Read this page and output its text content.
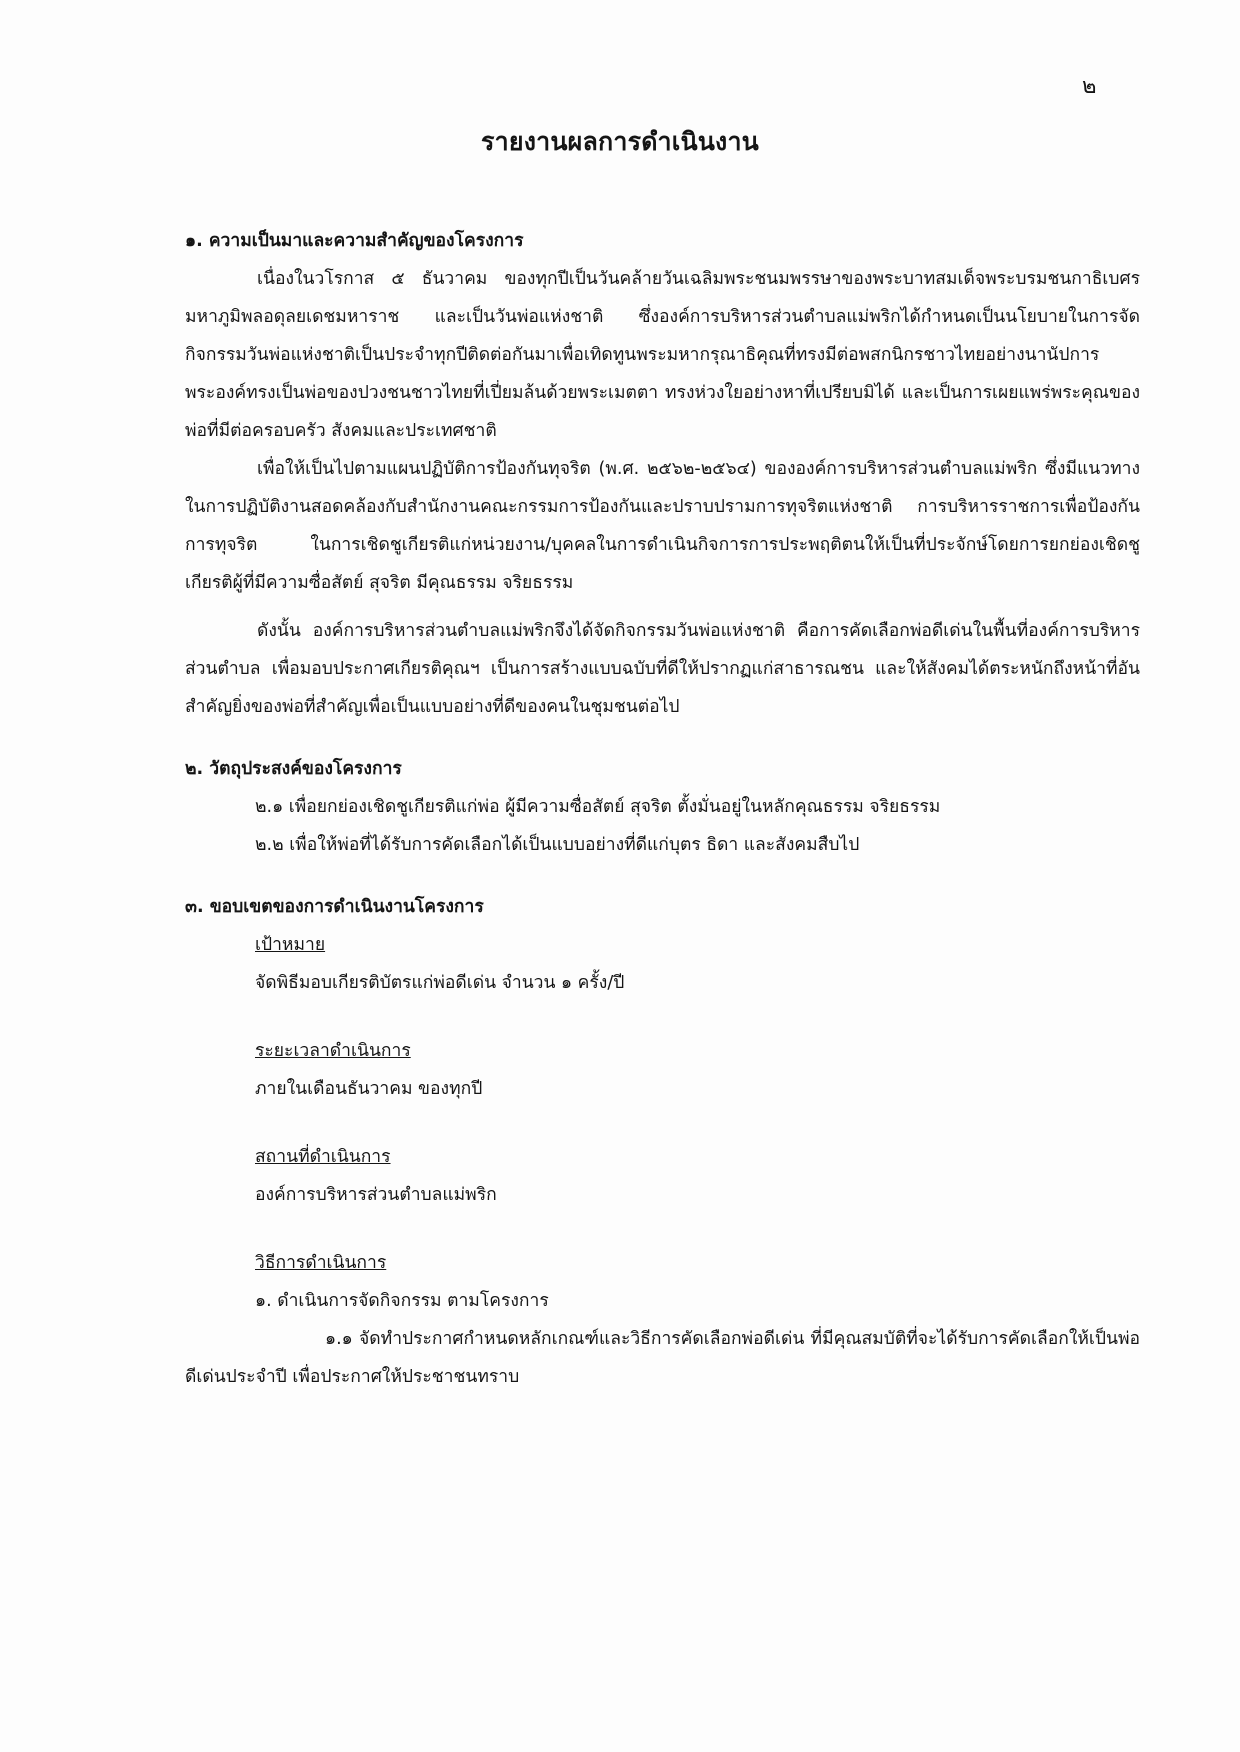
๒
รายงานผลการดำเนินงาน

๑. ความเป็นมาและความสำคัญของโครงการ

เนื่องในวโรกาส ๕ ธันวาคม ของทุกปีเป็นวันคล้ายวันเฉลิมพระชนมพรรษาของพระบาทสมเด็จพระบรมชนกาธิเบศร มหาภูมิพลอดุลยเดชมหาราช และเป็นวันพ่อแห่งชาติ ซึ่งองค์การบริหารส่วนตำบลแม่พริกได้กำหนดเป็นนโยบายในการจัดกิจกรรมวันพ่อแห่งชาติเป็นประจำทุกปีติดต่อกันมาเพื่อเทิดทูนพระมหากรุณาธิคุณที่ทรงมีต่อพสกนิกรชาวไทยอย่างนานัปการ พระองค์ทรงเป็นพ่อของปวงชนชาวไทยที่เปี่ยมล้นด้วยพระเมตตา ทรงห่วงใยอย่างหาที่เปรียบมิได้ และเป็นการเผยแพร่พระคุณของพ่อที่มีต่อครอบครัว สังคมและประเทศชาติ

เพื่อให้เป็นไปตามแผนปฏิบัติการป้องกันทุจริต (พ.ศ. ๒๕๖๒-๒๕๖๔) ขององค์การบริหารส่วนตำบลแม่พริก ซึ่งมีแนวทางในการปฏิบัติงานสอดคล้องกับสำนักงานคณะกรรมการป้องกันและปราบปรามการทุจริตแห่งชาติ การบริหารราชการเพื่อป้องกันการทุจริต ในการเชิดชูเกียรติแก่หน่วยงาน/บุคคลในการดำเนินกิจการการประพฤติตนให้เป็นที่ประจักษ์โดยการยกย่องเชิดชูเกียรติผู้ที่มีความซื่อสัตย์ สุจริต มีคุณธรรม จริยธรรม

ดังนั้น องค์การบริหารส่วนตำบลแม่พริกจึงได้จัดกิจกรรมวันพ่อแห่งชาติ คือการคัดเลือกพ่อดีเด่นในพื้นที่องค์การบริหารส่วนตำบล เพื่อมอบประกาศเกียรติคุณฯ เป็นการสร้างแบบฉบับที่ดีให้ปรากฏแก่สาธารณชน และให้สังคมได้ตระหนักถึงหน้าที่อันสำคัญยิ่งของพ่อที่สำคัญเพื่อเป็นแบบอย่างที่ดีของคนในชุมชนต่อไป

๒. วัตถุประสงค์ของโครงการ

๒.๑ เพื่อยกย่องเชิดชูเกียรติแก่พ่อ ผู้มีความซื่อสัตย์ สุจริต ตั้งมั่นอยู่ในหลักคุณธรรม จริยธรรม

๒.๒ เพื่อให้พ่อที่ได้รับการคัดเลือกได้เป็นแบบอย่างที่ดีแก่บุตร ธิดา และสังคมสืบไป

๓. ขอบเขตของการดำเนินงานโครงการ

เป้าหมาย

จัดพิธีมอบเกียรติบัตรแก่พ่อดีเด่น จำนวน ๑ ครั้ง/ปี

ระยะเวลาดำเนินการ

ภายในเดือนธันวาคม ของทุกปี

สถานที่ดำเนินการ

องค์การบริหารส่วนตำบลแม่พริก

วิธีการดำเนินการ

๑. ดำเนินการจัดกิจกรรม ตามโครงการ

๑.๑ จัดทำประกาศกำหนดหลักเกณฑ์และวิธีการคัดเลือกพ่อดีเด่น ที่มีคุณสมบัติที่จะได้รับการคัดเลือกให้เป็นพ่อดีเด่นประจำปี เพื่อประกาศให้ประชาชนทราบ
